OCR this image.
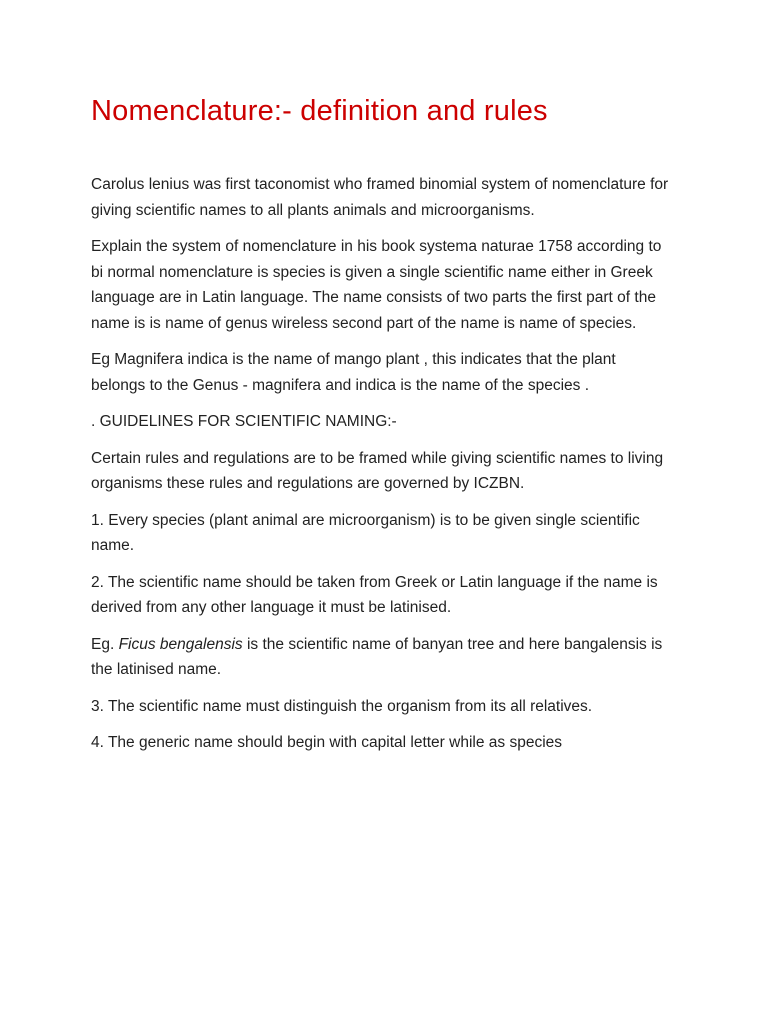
Nomenclature:- definition and rules

Carolus lenius was first taconomist who framed binomial system of nomenclature for giving scientific names to all plants animals and microorganisms.

Explain the system of nomenclature in his book systema naturae 1758 according to bi normal nomenclature is species is given a single scientific name either in Greek language are in Latin language. The name consists of two parts the first part of the name is is name of genus wireless second part of the name is name of species.

Eg Magnifera indica is the name of mango plant , this indicates that the plant belongs to the Genus - magnifera and indica is the name of the species .

. GUIDELINES FOR SCIENTIFIC NAMING:-

Certain rules and regulations are to be framed while giving scientific names to living organisms these rules and regulations are governed by ICZBN.

1. Every species (plant animal are microorganism) is to be given single scientific name.

2. The scientific name should be taken from Greek or Latin language if the name is derived from any other language it must be latinised.

Eg. Ficus bengalensis is the scientific name of banyan tree and here bangalensis is the latinised name.

3. The scientific name must distinguish the organism from its all relatives.

4. The generic name should begin with capital letter while as species
